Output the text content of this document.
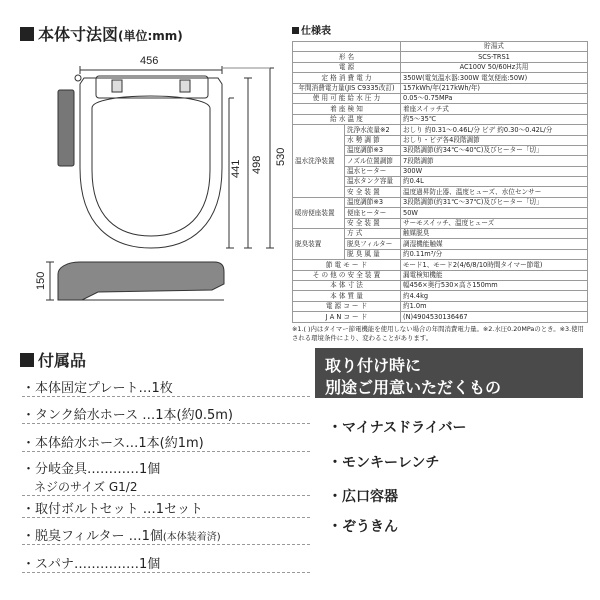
本体寸法図(単位:mm)
456
441 498 530
150
仕様表
		貯湯式
形 名		SCS-TRS1
電 源		AC100V 50/60Hz共用
定 格 消 費 電 力		350W(電気温水器:300W 電気便座:50W)
年間消費電力量(JIS C9335改訂)		157kWh/年(217kWh/年)
使 用 可 能 給 水 圧 力		0.05～0.75MPa
着 座 検 知		着座スイッチ式
給 水 温 度		約5～35℃
温水洗浄装置	洗浄水流量※2	おしり 約0.31～0.46L/分 ビデ 約0.30～0.42L/分
	水 勢 調 節	おしり・ビデ各4段階調節
	温度調節※3	3段階調節(約34℃～40℃)及びヒーター「切」
	ノズル位置調節	7段階調節
	温水ヒーター	300W
	温水タンク容量	約0.4L
	安 全 装 置	温度過昇防止器、温度ヒューズ、水位センサー
暖房便座装置	温度調節※3	3段階調節(約31℃～37℃)及びヒーター「切」
	便座ヒーター	50W
	安 全 装 置	サーモスイッチ、温度ヒューズ
脱臭装置	方 式	触媒脱臭
	脱臭フィルター	調湿機能触媒
	脱 臭 風 量	約0.11m³/分
節 電 モ ー ド		モード1、モード2(4/6/8/10時間タイマー節電)
そ の 他 の 安 全 装 置		漏電検知機能
本 体 寸 法		幅456×奥行530×高さ150mm
本 体 質 量		約4.4kg
電 源 コ ー ド		約1.0m
J A N コ ー ド		(N)4904530136467
※1.( )内はタイマー節電機能を使用しない場合の年間消費電力量。※2.水圧0.20MPaのとき。※3.使用される環境条件により、変わることがあります。
付属品
・本体固定プレート…1枚
・タンク給水ホース …1本(約0.5m)
・本体給水ホース…1本(約1m)
・分岐金具…………1個
ネジのサイズ G1/2
・取付ボルトセット …1セット
・脱臭フィルター …1個(本体装着済)
・スパナ……………1個
取り付け時に
別途ご用意いただくもの
・マイナスドライバー
・モンキーレンチ
・広口容器
・ぞうきん
